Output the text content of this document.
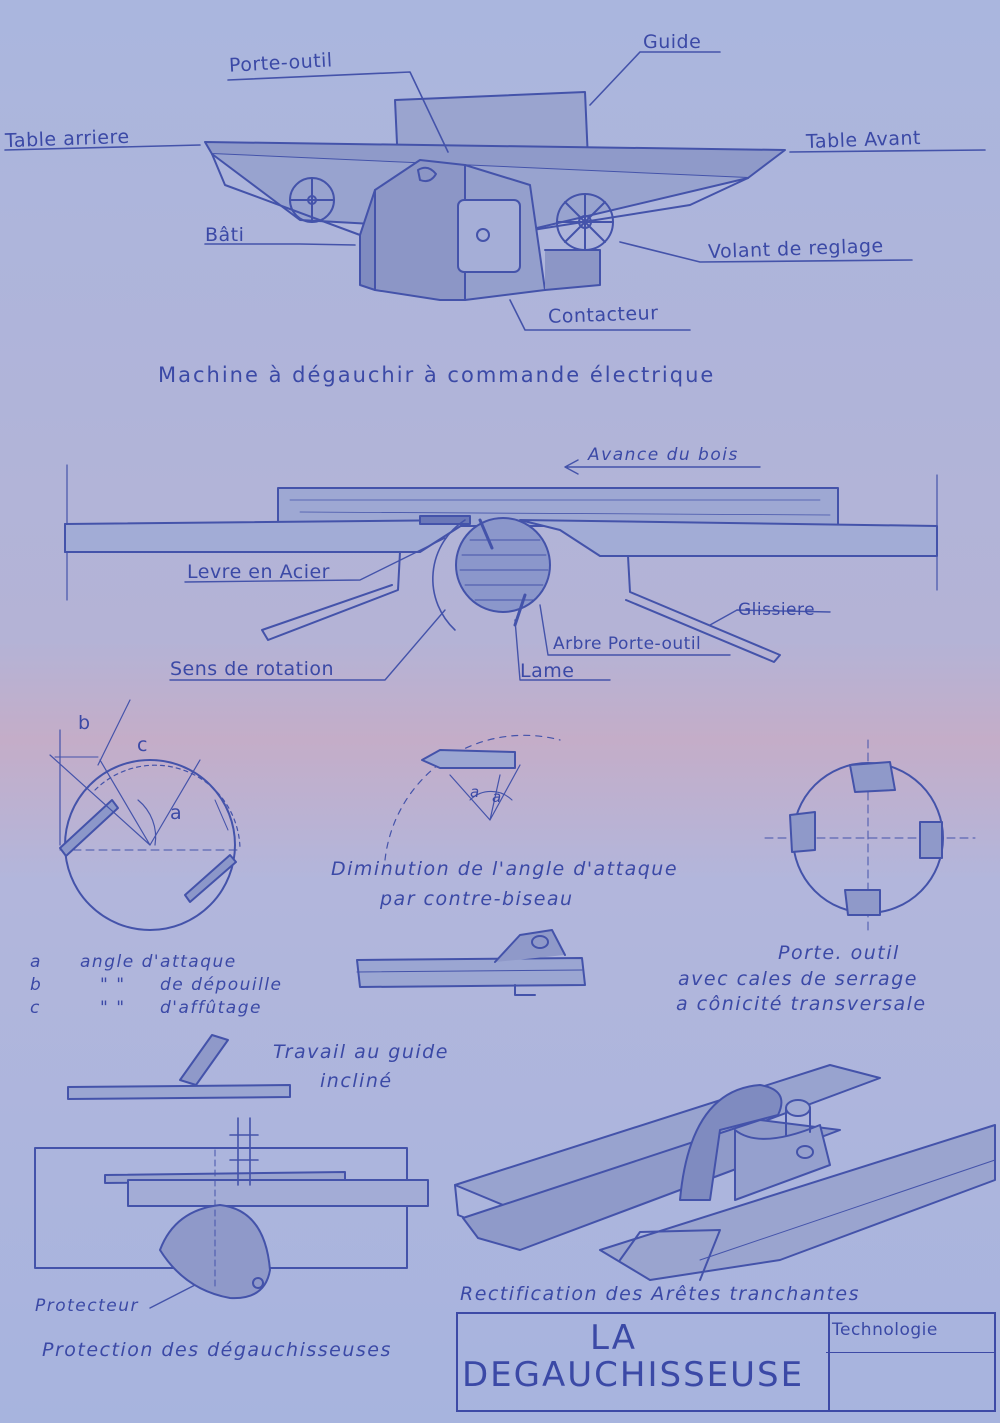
Porte-outil
Guide
Table arriere	Table Avant
Bâti	Volant de reglage
Contacteur
Machine à dégauchir à commande électrique
Avance du bois
Levre en Acier
Glissiere
Arbre Porte-outil
Sens de rotation	Lame
b
c
a
a angle d'attaque
b	" " de dépouille
c	" " d'affûtage
a a
Diminution de l'angle d'attaque
par contre-biseau
Porte. outil
avec cales de serrage
a cônicité transversale
Travail au guide
incliné
Protecteur
Protection des dégauchisseuses
Rectification des Arêtes tranchantes
LA
DEGAUCHISSEUSE
Technologie
